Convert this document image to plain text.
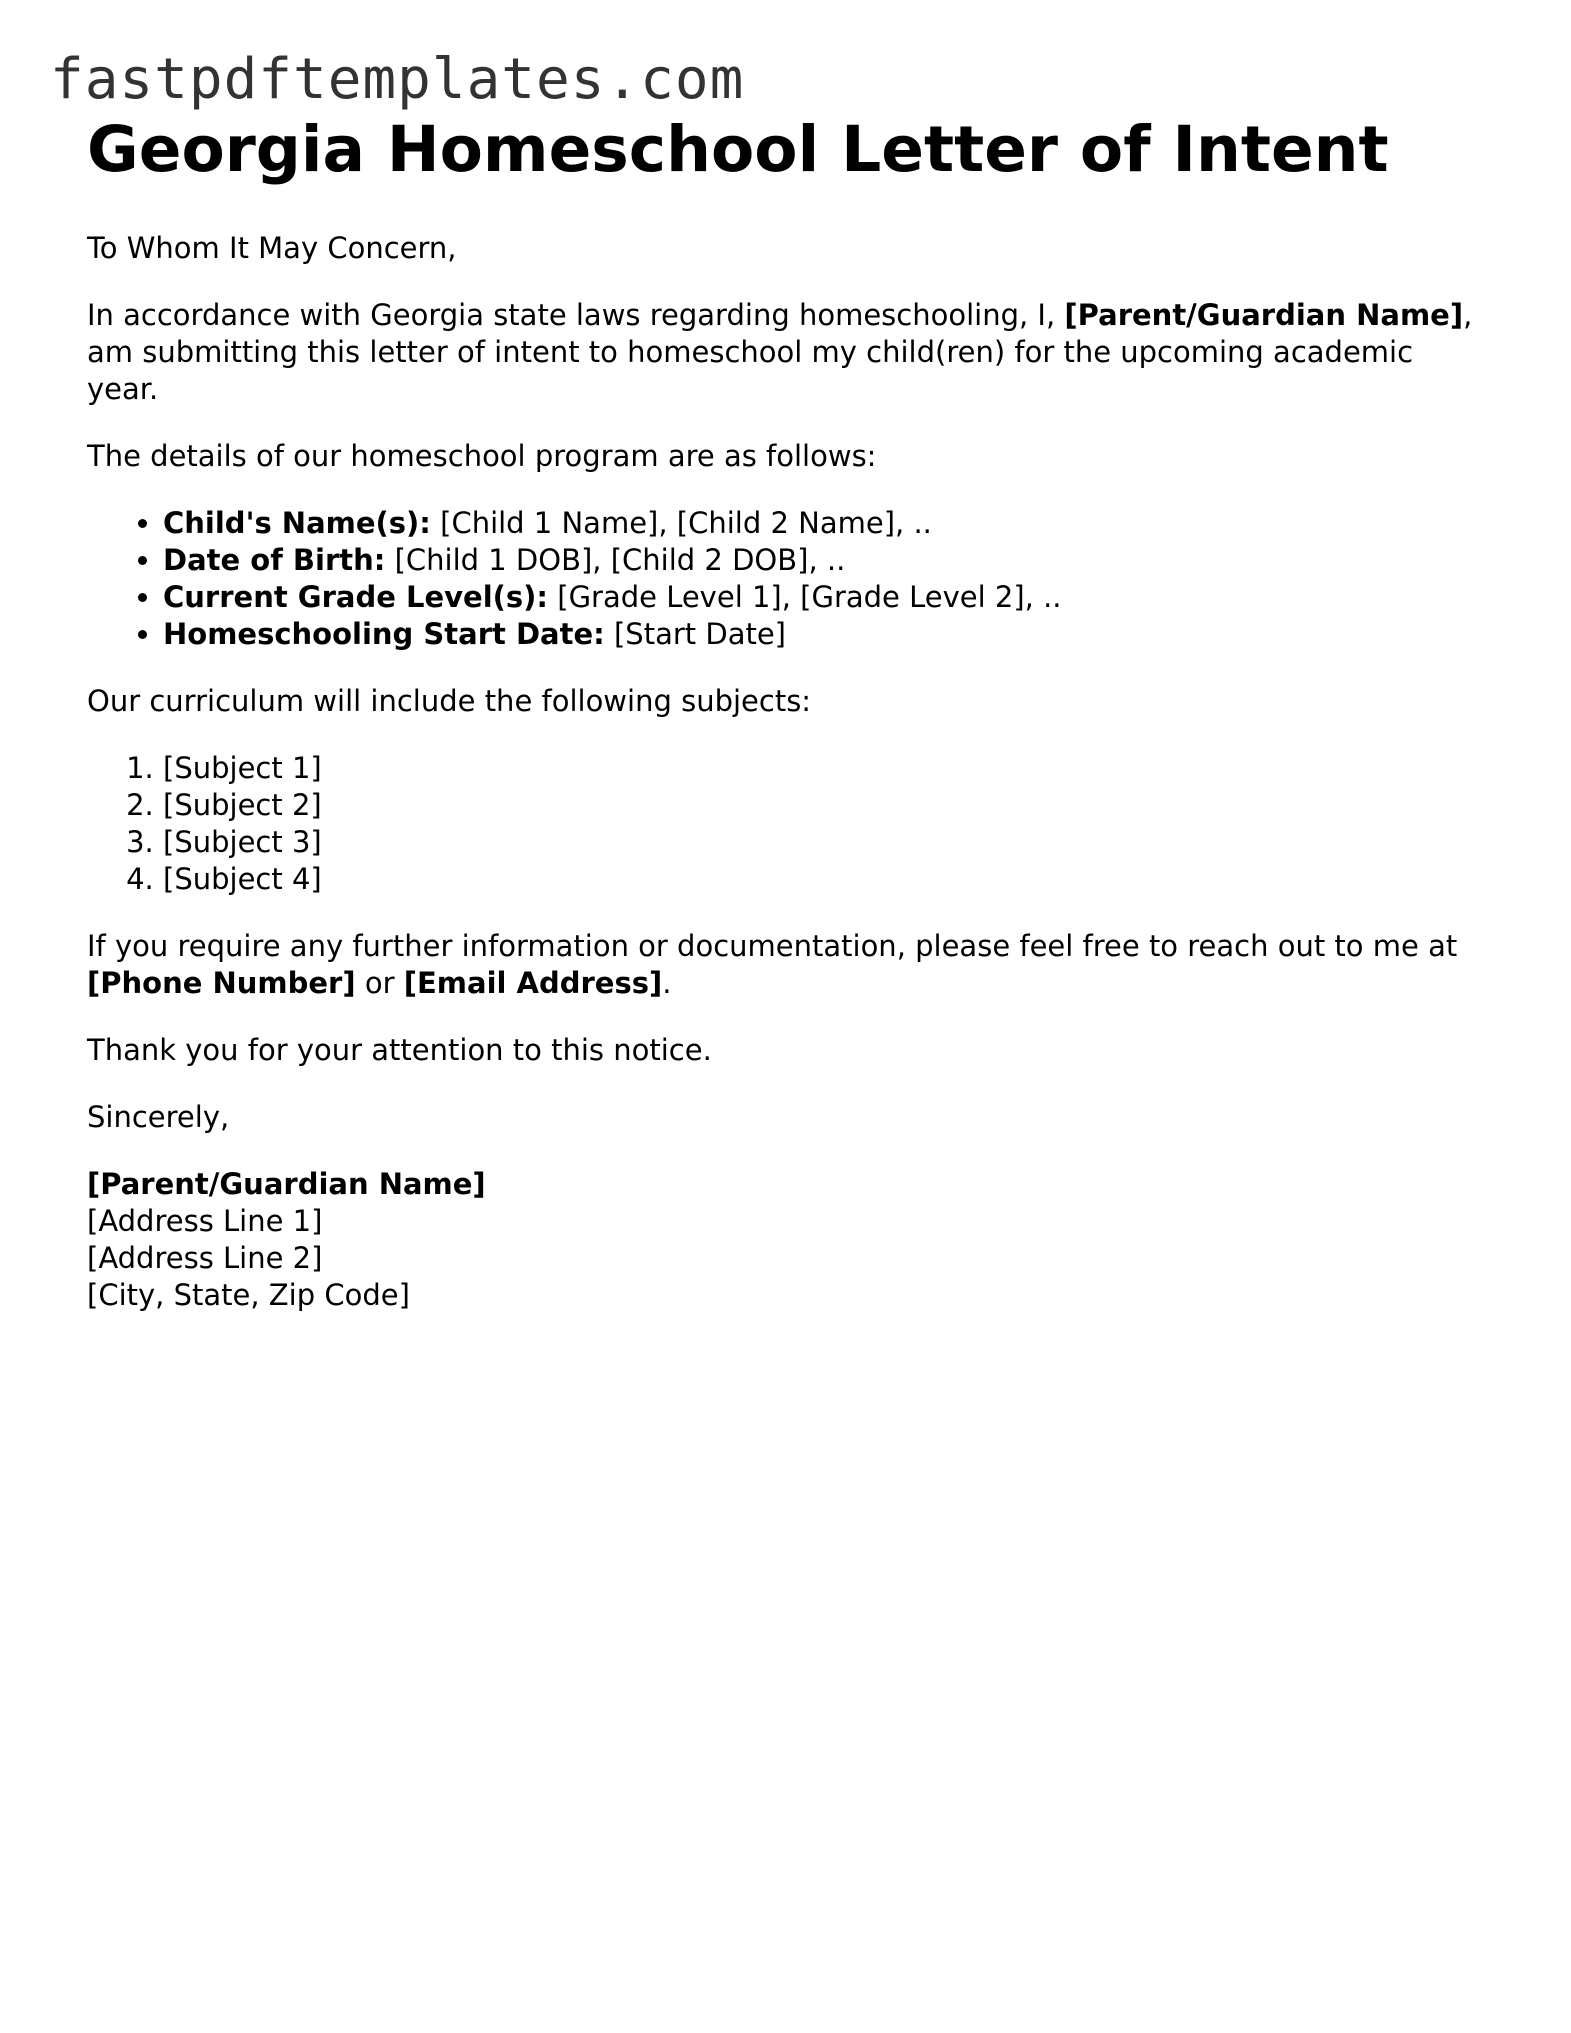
fastpdftemplates.com
Georgia Homeschool Letter of Intent

To Whom It May Concern,

In accordance with Georgia state laws regarding homeschooling, I, [Parent/Guardian Name], am submitting this letter of intent to homeschool my child(ren) for the upcoming academic year.

The details of our homeschool program are as follows:

• Child's Name(s): [Child 1 Name], [Child 2 Name], ..
• Date of Birth: [Child 1 DOB], [Child 2 DOB], ..
• Current Grade Level(s): [Grade Level 1], [Grade Level 2], ..
• Homeschooling Start Date: [Start Date]

Our curriculum will include the following subjects:

1. [Subject 1]
2. [Subject 2]
3. [Subject 3]
4. [Subject 4]

If you require any further information or documentation, please feel free to reach out to me at [Phone Number] or [Email Address].

Thank you for your attention to this notice.

Sincerely,

[Parent/Guardian Name]

[Address Line 1]

[Address Line 2]

[City, State, Zip Code]
